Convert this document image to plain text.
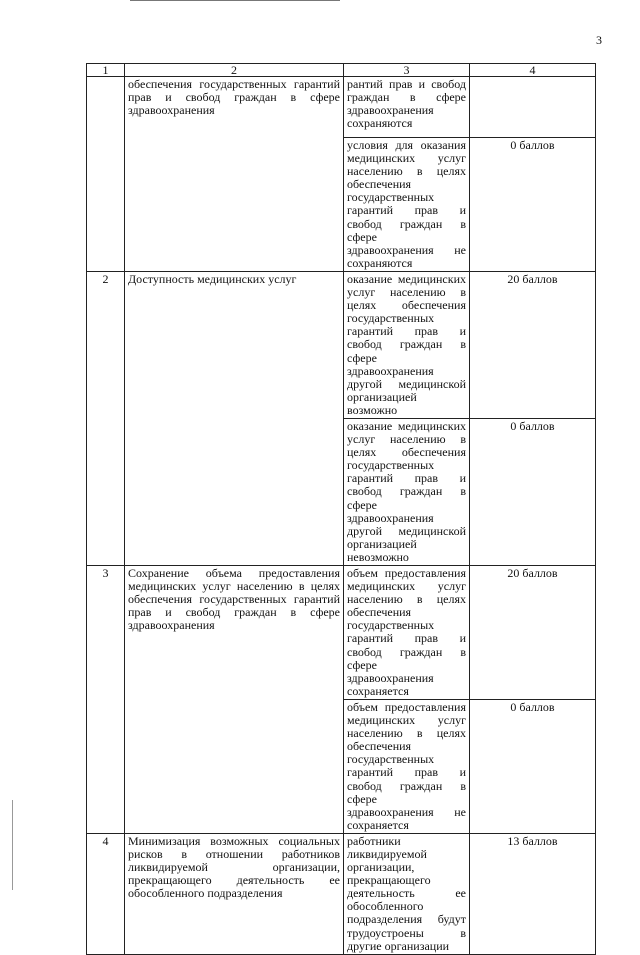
3
1	2	3	4
	обеспечения государственных гарантий прав и свобод граждан в сфере здравоохранения	рантий прав и свобод граждан в сфере здравоохранения сохраняются	
		условия для оказания медицинских услуг населению в целях обеспечения государственных гарантий прав и свобод граждан в сфере здравоохранения не сохраняются	0 баллов
2	Доступность медицинских услуг	оказание медицинских услуг населению в целях обеспечения государственных гарантий прав и свобод граждан в сфере здравоохранения другой медицинской организацией возможно	20 баллов
		оказание медицинских услуг населению в целях обеспечения государственных гарантий прав и свобод граждан в сфере здравоохранения другой медицинской организацией невозможно	0 баллов
3	Сохранение объема предоставления медицинских услуг населению в целях обеспечения государственных гарантий прав и свобод граждан в сфере здравоохранения	объем предоставления медицинских услуг населению в целях обеспечения государственных гарантий прав и свобод граждан в сфере здравоохранения сохраняется	20 баллов
		объем предоставления медицинских услуг населению в целях обеспечения государственных гарантий прав и свобод граждан в сфере здравоохранения не сохраняется	0 баллов
4	Минимизация возможных социальных рисков в отношении работников ликвидируемой организации, прекращающего деятельность ее обособленного подразделения	работники ликвидируемой организации, прекращающего деятельность ее обособленного подразделения будут трудоустроены в другие организации	13 баллов
